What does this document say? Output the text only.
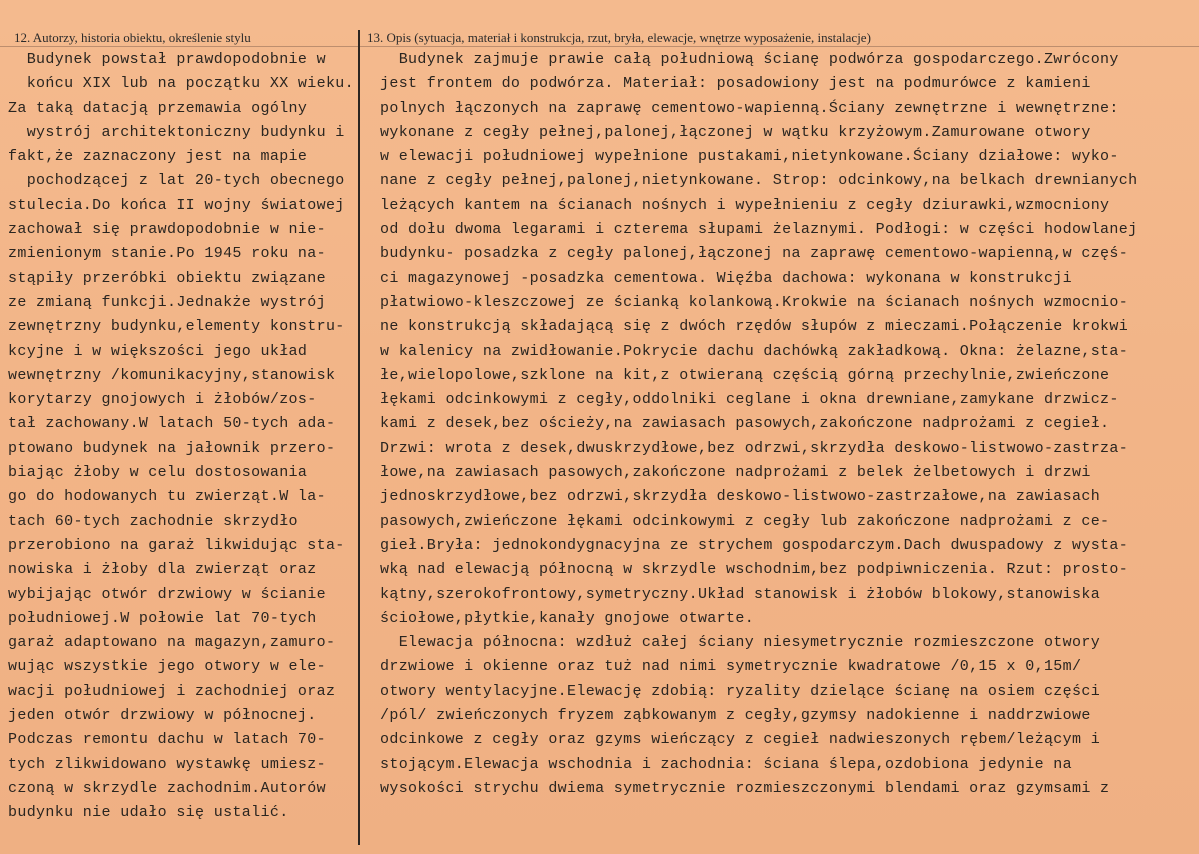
12. Autorzy, historia obiektu, określenie stylu	13. Opis (sytuacja, materiał i konstrukcja, rzut, bryła, elewacje, wnętrze wyposażenie, instalacje)
Budynek powstał prawdopodobnie w
końcu XIX lub na początku XX wieku.
Za taką datacją przemawia ogólny
wystrój architektoniczny budynku i
fakt,że zaznaczony jest na mapie
pochodzącej z lat 20-tych obecnego
stulecia.Do końca II wojny światowej
zachował się prawdopodobnie w nie-
zmienionym stanie.Po 1945 roku na-
stąpiły przeróbki obiektu związane
ze zmianą funkcji.Jednakże wystrój
zewnętrzny budynku,elementy konstru-
kcyjne i w większości jego układ
wewnętrzny /komunikacyjny,stanowisk
korytarzy gnojowych i żłobów/zos-
tał zachowany.W latach 50-tych ada-
ptowano budynek na jałownik przero-
biając żłoby w celu dostosowania
go do hodowanych tu zwierząt.W la-
tach 60-tych zachodnie skrzydło
przerobiono na garaż likwidując sta-
nowiska i żłoby dla zwierząt oraz
wybijając otwór drzwiowy w ścianie
południowej.W połowie lat 70-tych
garaż adaptowano na magazyn,zamuro-
wując wszystkie jego otwory w ele-
wacji południowej i zachodniej oraz
jeden otwór drzwiowy w północnej.
Podczas remontu dachu w latach 70-
tych zlikwidowano wystawkę umiesz-
czoną w skrzydle zachodnim.Autorów
budynku nie udało się ustalić.
Budynek zajmuje prawie całą południową ścianę podwórza gospodarczego.Zwrócony
jest frontem do podwórza. Materiał: posadowiony jest na podmurówce z kamieni
polnych łączonych na zaprawę cementowo-wapienną.Ściany zewnętrzne i wewnętrzne:
wykonane z cegły pełnej,palonej,łączonej w wątku krzyżowym.Zamurowane otwory
w elewacji południowej wypełnione pustakami,nietynkowane.Ściany działowe: wyko-
nane z cegły pełnej,palonej,nietynkowane. Strop: odcinkowy,na belkach drewnianych
leżących kantem na ścianach nośnych i wypełnieniu z cegły dziurawki,wzmocniony
od dołu dwoma legarami i czterema słupami żelaznymi. Podłogi: w części hodowlanej
budynku- posadzka z cegły palonej,łączonej na zaprawę cementowo-wapienną,w częś-
ci magazynowej -posadzka cementowa. Więźba dachowa: wykonana w konstrukcji
płatwiowo-kleszczowej ze ścianką kolankową.Krokwie na ścianach nośnych wzmocnio-
ne konstrukcją składającą się z dwóch rzędów słupów z mieczami.Połączenie krokwi
w kalenicy na zwidłowanie.Pokrycie dachu dachówką zakładkową. Okna: żelazne,sta-
łe,wielopolowe,szklone na kit,z otwieraną częścią górną przechylnie,zwieńczone
łękami odcinkowymi z cegły,oddolniki ceglane i okna drewniane,zamykane drzwicz-
kami z desek,bez ościeży,na zawiasach pasowych,zakończone nadprożami z cegieł.
Drzwi: wrota z desek,dwuskrzydłowe,bez odrzwi,skrzydła deskowo-listwowo-zastrza-
łowe,na zawiasach pasowych,zakończone nadprożami z belek żelbetowych i drzwi
jednoskrzydłowe,bez odrzwi,skrzydła deskowo-listwowo-zastrzałowe,na zawiasach
pasowych,zwieńczone łękami odcinkowymi z cegły lub zakończone nadprożami z ce-
gieł.Bryła: jednokondygnacyjna ze strychem gospodarczym.Dach dwuspadowy z wysta-
wką nad elewacją północną w skrzydle wschodnim,bez podpiwniczenia. Rzut: prosto-
kątny,szerokofrontowy,symetryczny.Układ stanowisk i żłobów blokowy,stanowiska
ściołowe,płytkie,kanały gnojowe otwarte.
Elewacja północna: wzdłuż całej ściany niesymetrycznie rozmieszczone otwory
drzwiowe i okienne oraz tuż nad nimi symetrycznie kwadratowe /0,15 x 0,15m/
otwory wentylacyjne.Elewację zdobią: ryzality dzielące ścianę na osiem części
/pól/ zwieńczonych fryzem ząbkowanym z cegły,gzymsy nadokienne i naddrzwiowe
odcinkowe z cegły oraz gzyms wieńczący z cegieł nadwieszonych rębem/leżącym i
stojącym.Elewacja wschodnia i zachodnia: ściana ślepa,ozdobiona jedynie na
wysokości strychu dwiema symetrycznie rozmieszczonymi blendami oraz gzymsami z
